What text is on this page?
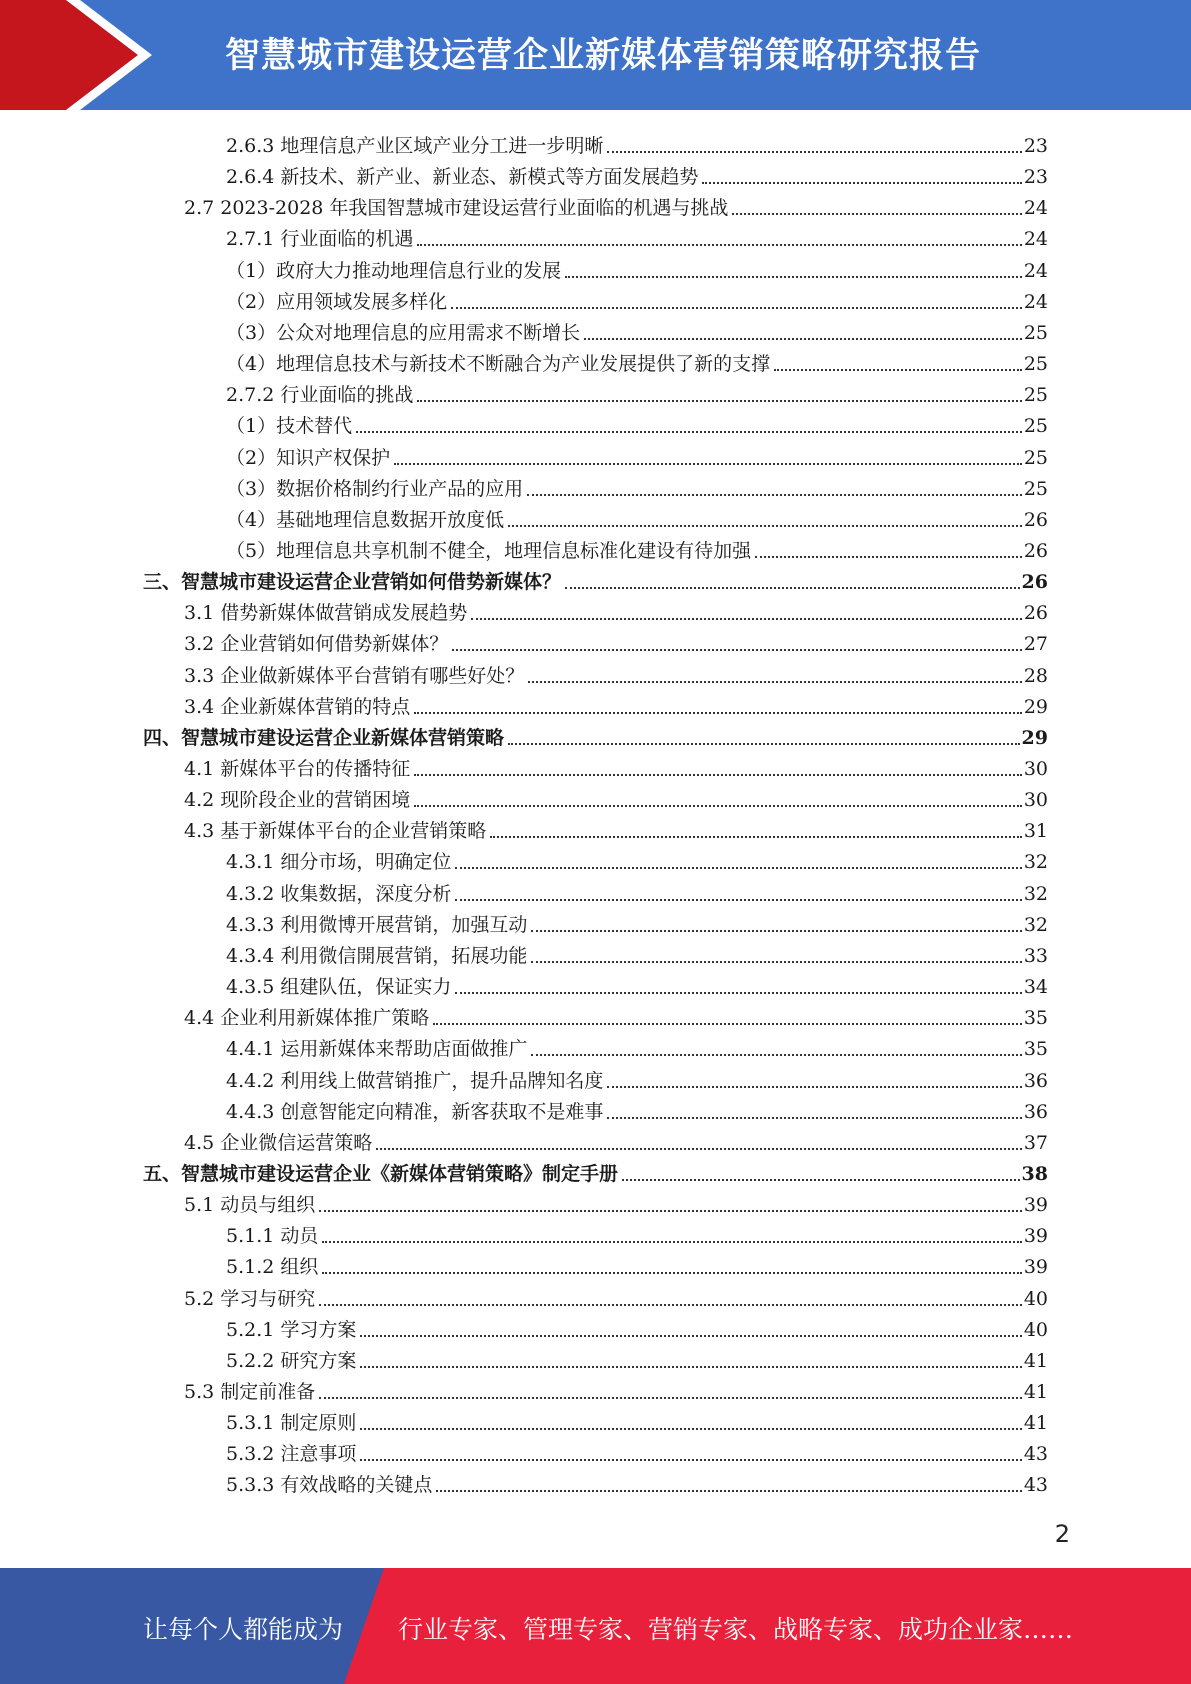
智慧城市建设运营企业新媒体营销策略研究报告
2.6.3 地理信息产业区域产业分工进一步明晰	23
2.6.4 新技术、新产业、新业态、新模式等方面发展趋势	23
2.7 2023-2028 年我国智慧城市建设运营行业面临的机遇与挑战	24
2.7.1 行业面临的机遇	24
（1）政府大力推动地理信息行业的发展	24
（2）应用领域发展多样化	24
（3）公众对地理信息的应用需求不断增长	25
（4）地理信息技术与新技术不断融合为产业发展提供了新的支撑	25
2.7.2 行业面临的挑战	25
（1）技术替代	25
（2）知识产权保护	25
（3）数据价格制约行业产品的应用	25
（4）基础地理信息数据开放度低	26
（5）地理信息共享机制不健全，地理信息标准化建设有待加强	26
三、智慧城市建设运营企业营销如何借势新媒体？	26
3.1 借势新媒体做营销成发展趋势	26
3.2 企业营销如何借势新媒体？	27
3.3 企业做新媒体平台营销有哪些好处？	28
3.4 企业新媒体营销的特点	29
四、智慧城市建设运营企业新媒体营销策略	29
4.1 新媒体平台的传播特征	30
4.2 现阶段企业的营销困境	30
4.3 基于新媒体平台的企业营销策略	31
4.3.1 细分市场，明确定位	32
4.3.2 收集数据，深度分析	32
4.3.3 利用微博开展营销，加强互动	32
4.3.4 利用微信開展营销，拓展功能	33
4.3.5 组建队伍，保证实力	34
4.4 企业利用新媒体推广策略	35
4.4.1 运用新媒体来帮助店面做推广	35
4.4.2 利用线上做营销推广，提升品牌知名度	36
4.4.3 创意智能定向精准，新客获取不是难事	36
4.5 企业微信运营策略	37
五、智慧城市建设运营企业《新媒体营销策略》制定手册	38
5.1 动员与组织	39
5.1.1 动员	39
5.1.2 组织	39
5.2 学习与研究	40
5.2.1 学习方案	40
5.2.2 研究方案	41
5.3 制定前准备	41
5.3.1 制定原则	41
5.3.2 注意事项	43
5.3.3 有效战略的关键点	43
2
让每个人都能成为 行业专家、管理专家、营销专家、战略专家、成功企业家……
